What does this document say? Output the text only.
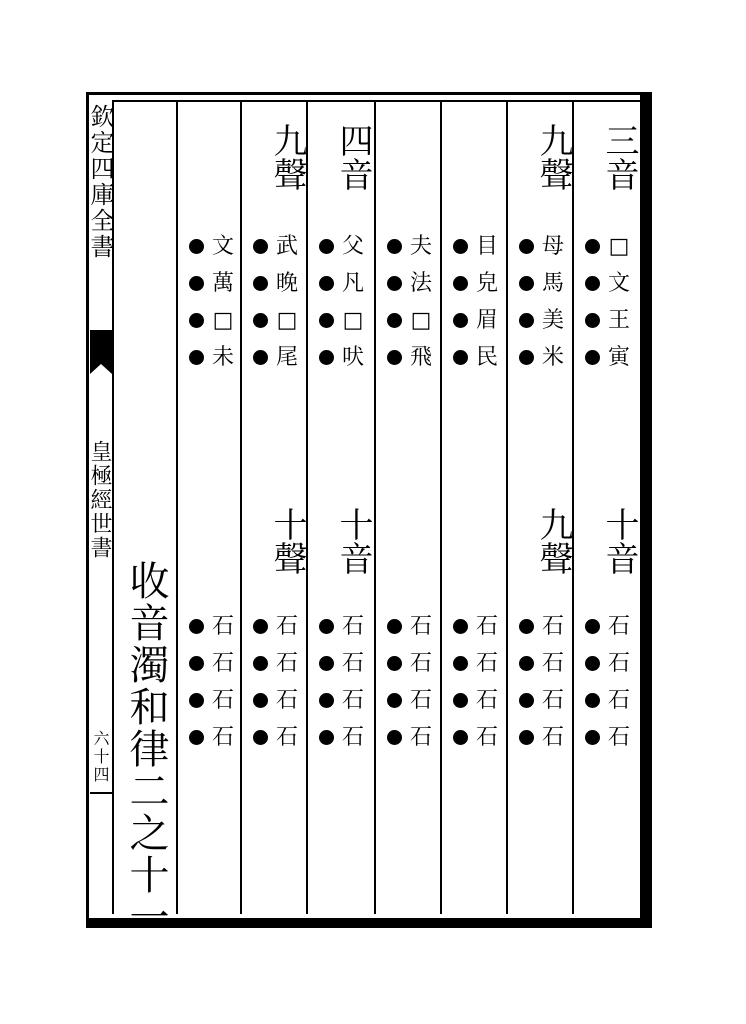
欽定四庫全書
皇極經世書
六十四 收音濁和律二之十一
三音
□
文
王
寅
十音
石
石
石
石
九聲
母
馬
美
米
九聲
石
石
石
石
目
皃
眉
民
石
石
石
石
夫
法
□
飛
石
石
石
石
四音
父
凡
□
吠
十音
石
石
石
石
九聲
武
晚
□
尾
十聲
石
石
石
石
文
萬
□
未
石
石
石
石
